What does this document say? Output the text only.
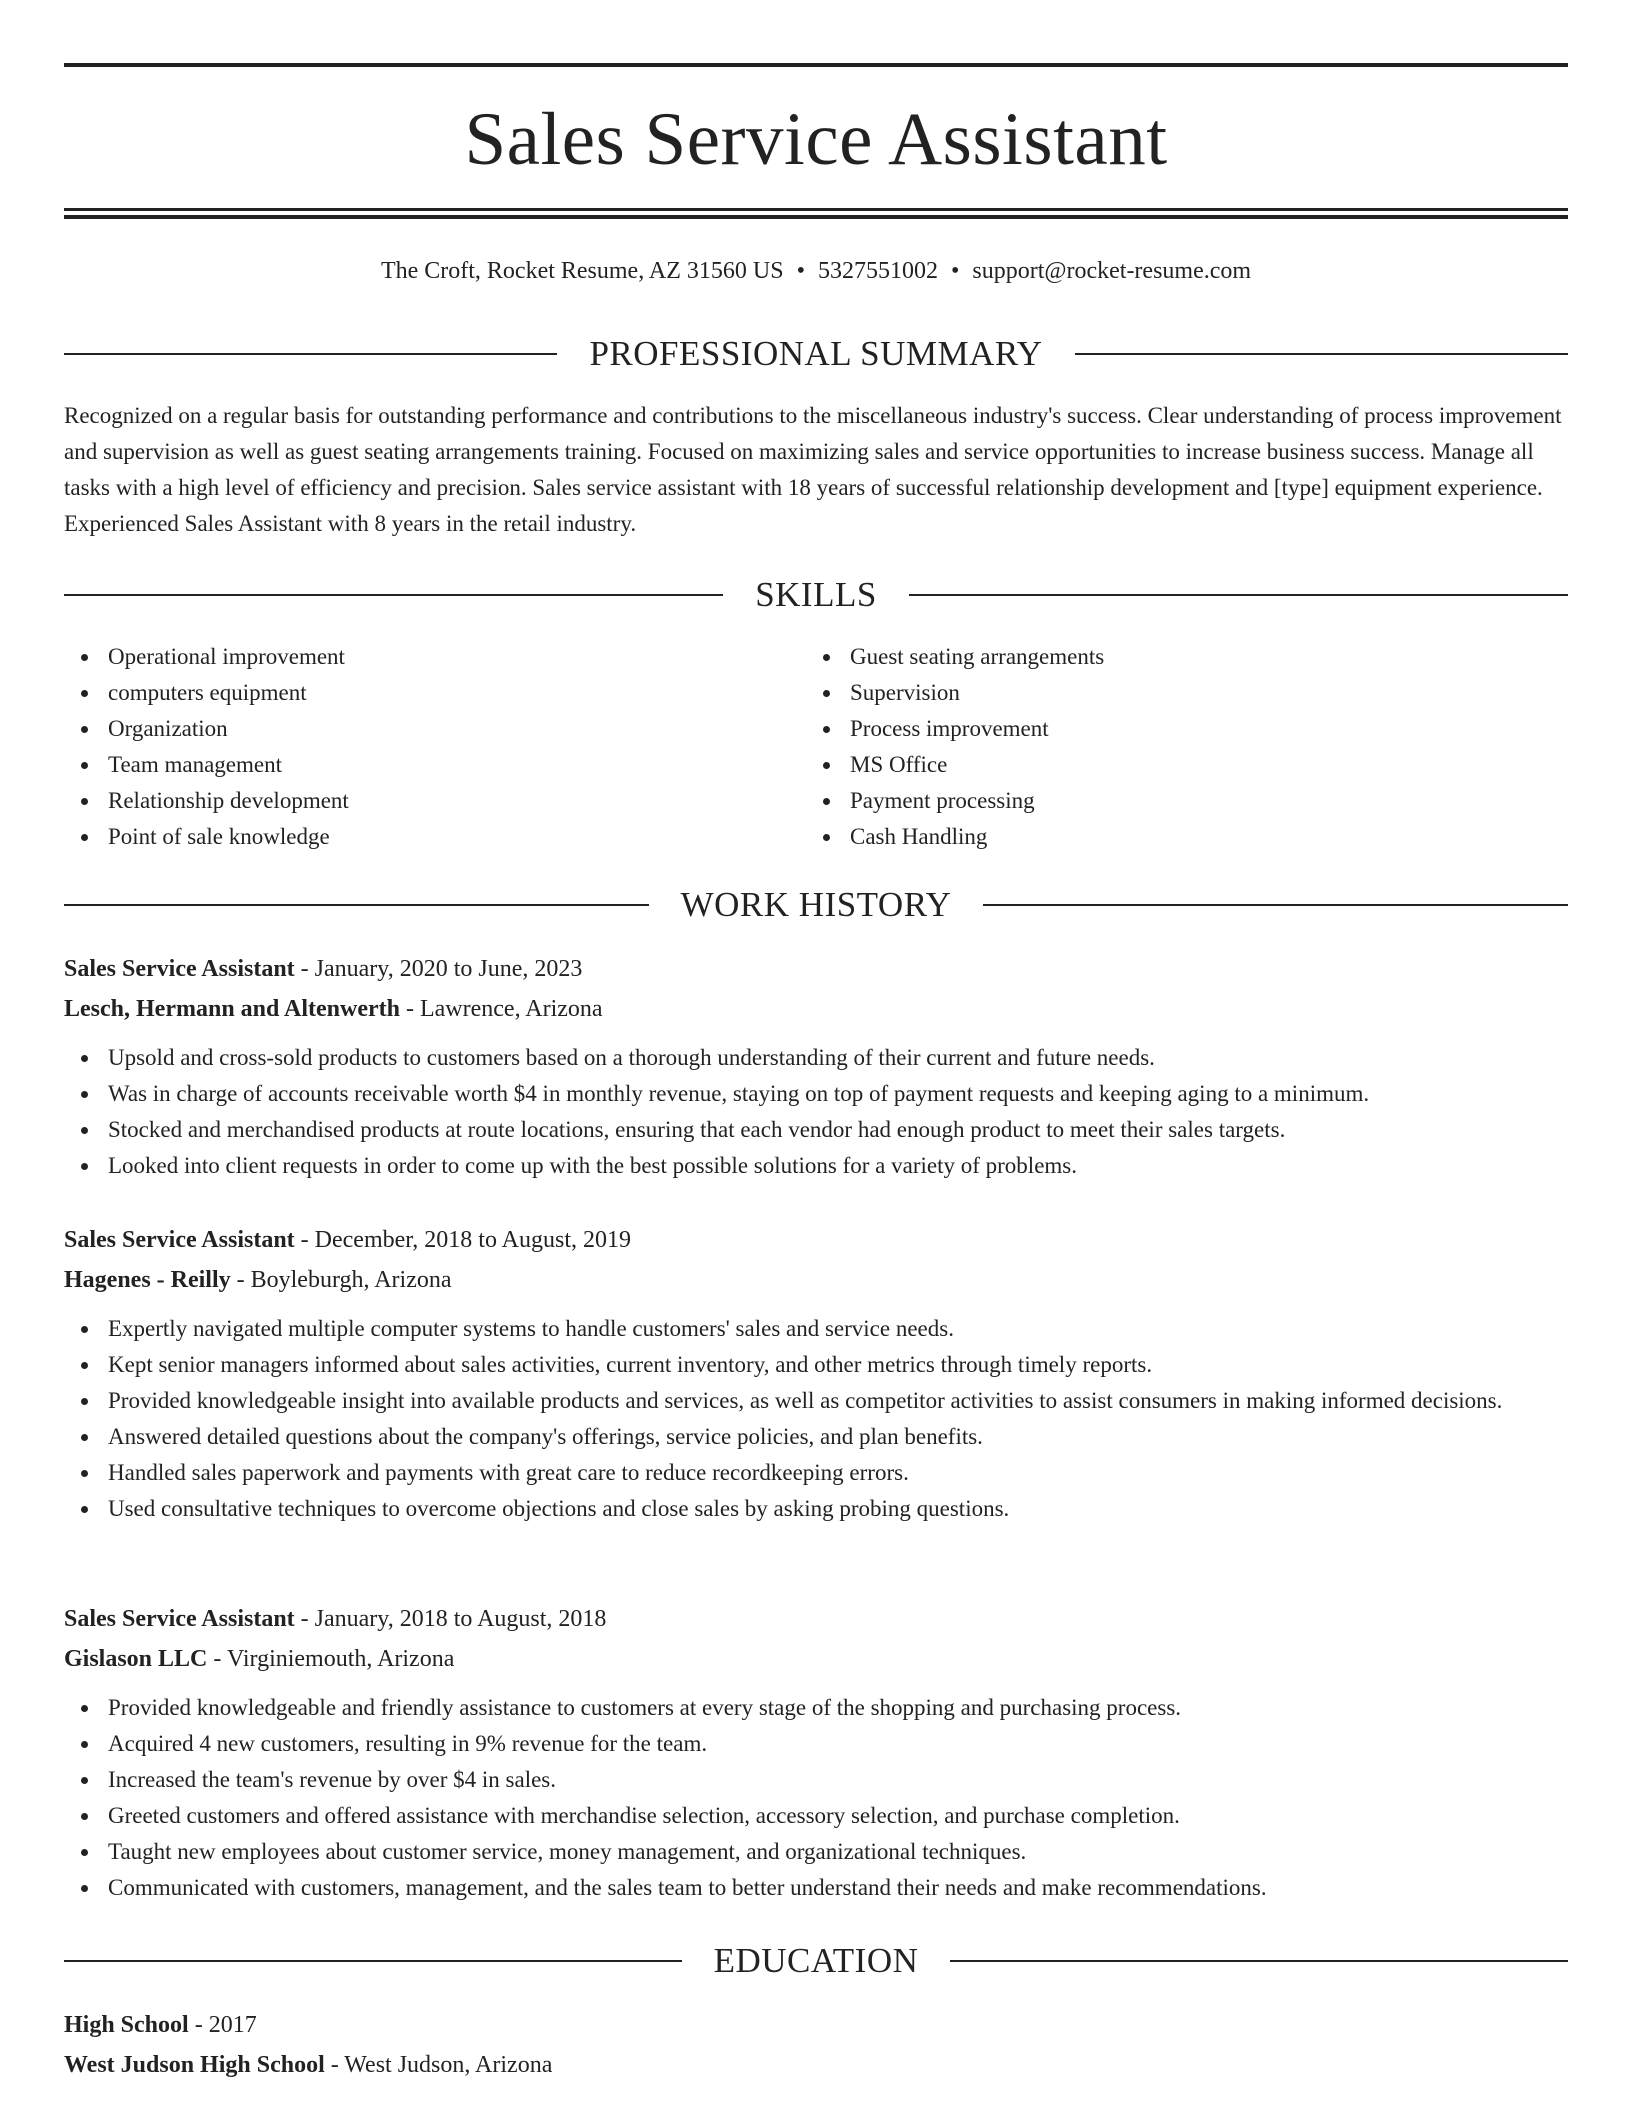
Sales Service Assistant
The Croft, Rocket Resume, AZ 31560 US • 5327551002 • support@rocket-resume.com
PROFESSIONAL SUMMARY

Recognized on a regular basis for outstanding performance and contributions to the miscellaneous industry's success. Clear understanding of process improvement and supervision as well as guest seating arrangements training. Focused on maximizing sales and service opportunities to increase business success. Manage all tasks with a high level of efficiency and precision. Sales service assistant with 18 years of successful relationship development and [type] equipment experience. Experienced Sales Assistant with 8 years in the retail industry.

SKILLS
Operational improvement
computers equipment
Organization
Team management
Relationship development
Point of sale knowledge
Guest seating arrangements
Supervision
Process improvement
MS Office
Payment processing
Cash Handling
WORK HISTORY
Sales Service Assistant - January, 2020 to June, 2023
Lesch, Hermann and Altenwerth - Lawrence, Arizona
Upsold and cross-sold products to customers based on a thorough understanding of their current and future needs.
Was in charge of accounts receivable worth $4 in monthly revenue, staying on top of payment requests and keeping aging to a minimum.
Stocked and merchandised products at route locations, ensuring that each vendor had enough product to meet their sales targets.
Looked into client requests in order to come up with the best possible solutions for a variety of problems.
Sales Service Assistant - December, 2018 to August, 2019
Hagenes - Reilly - Boyleburgh, Arizona
Expertly navigated multiple computer systems to handle customers' sales and service needs.
Kept senior managers informed about sales activities, current inventory, and other metrics through timely reports.
Provided knowledgeable insight into available products and services, as well as competitor activities to assist consumers in making informed decisions.
Answered detailed questions about the company's offerings, service policies, and plan benefits.
Handled sales paperwork and payments with great care to reduce recordkeeping errors.
Used consultative techniques to overcome objections and close sales by asking probing questions.
Sales Service Assistant - January, 2018 to August, 2018
Gislason LLC - Virginiemouth, Arizona
Provided knowledgeable and friendly assistance to customers at every stage of the shopping and purchasing process.
Acquired 4 new customers, resulting in 9% revenue for the team.
Increased the team's revenue by over $4 in sales.
Greeted customers and offered assistance with merchandise selection, accessory selection, and purchase completion.
Taught new employees about customer service, money management, and organizational techniques.
Communicated with customers, management, and the sales team to better understand their needs and make recommendations.
EDUCATION
High School - 2017
West Judson High School - West Judson, Arizona
